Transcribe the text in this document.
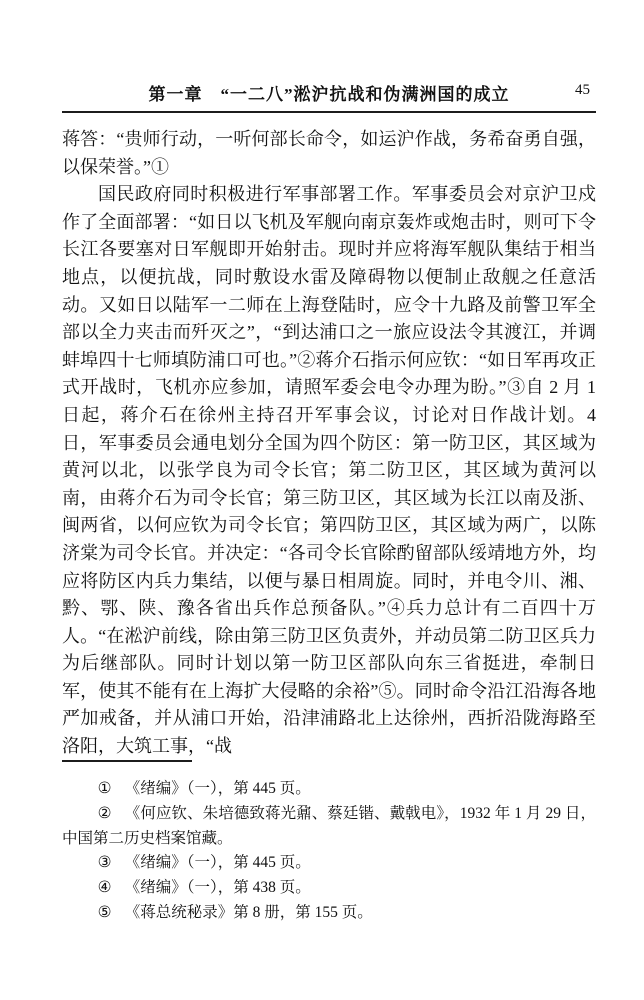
第一章　“一二八”淞沪抗战和伪满洲国的成立	45

蒋答：“贵师行动，一听何部长命令，如运沪作战，务希奋勇自强，以保荣誉。”①

国民政府同时积极进行军事部署工作。军事委员会对京沪卫戍作了全面部署：“如日以飞机及军舰向南京轰炸或炮击时，则可下令长江各要塞对日军舰即开始射击。现时并应将海军舰队集结于相当地点，以便抗战，同时敷设水雷及障碍物以便制止敌舰之任意活动。又如日以陆军一二师在上海登陆时，应令十九路及前警卫军全部以全力夹击而歼灭之”，“到达浦口之一旅应设法令其渡江，并调蚌埠四十七师填防浦口可也。”②蒋介石指示何应钦：“如日军再攻正式开战时，飞机亦应参加，请照军委会电令办理为盼。”③自 2 月 1 日起，蒋介石在徐州主持召开军事会议，讨论对日作战计划。4 日，军事委员会通电划分全国为四个防区：第一防卫区，其区域为黄河以北，以张学良为司令长官；第二防卫区，其区域为黄河以南，由蒋介石为司令长官；第三防卫区，其区域为长江以南及浙、闽两省，以何应钦为司令长官；第四防卫区，其区域为两广，以陈济棠为司令长官。并决定：“各司令长官除酌留部队绥靖地方外，均应将防区内兵力集结，以便与暴日相周旋。同时，并电令川、湘、黔、鄂、陕、豫各省出兵作总预备队。”④兵力总计有二百四十万人。“在淞沪前线，除由第三防卫区负责外，并动员第二防卫区兵力为后继部队。同时计划以第一防卫区部队向东三省挺进，牵制日军，使其不能有在上海扩大侵略的余裕”⑤。同时命令沿江沿海各地严加戒备，并从浦口开始，沿津浦路北上达徐州，西折沿陇海路至洛阳，大筑工事，“战

① 《绪编》（一），第 445 页。
② 《何应钦、朱培德致蒋光鼐、蔡廷锴、戴戟电》，1932 年 1 月 29 日，中国第二历史档案馆藏。
③ 《绪编》（一），第 445 页。
④ 《绪编》（一），第 438 页。
⑤ 《蒋总统秘录》第 8 册，第 155 页。
